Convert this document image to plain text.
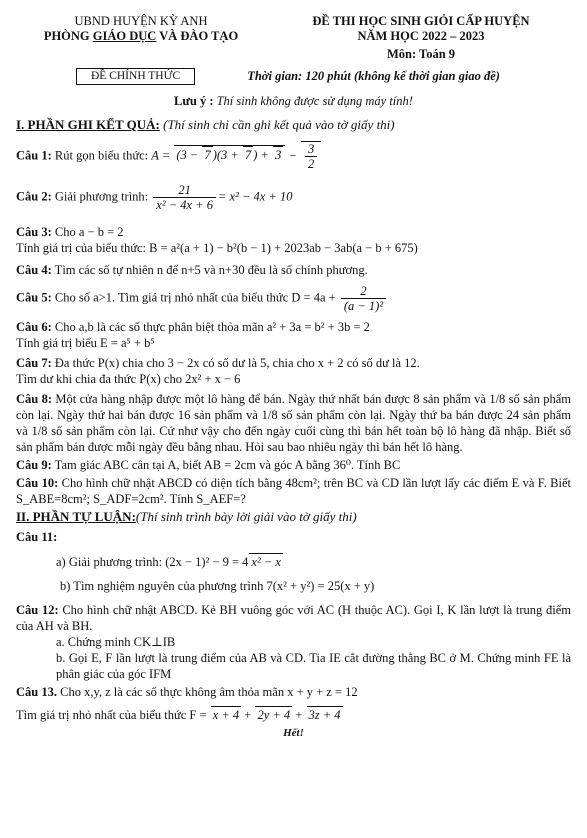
UBND HUYỆN KỲ ANH
PHÒNG GIÁO DỤC VÀ ĐÀO TẠO
ĐỀ THI HỌC SINH GIỎI CẤP HUYỆN
NĂM HỌC 2022 – 2023
Môn: Toán 9
ĐỀ CHÍNH THỨC	Thời gian: 120 phút (không kể thời gian giao đề)
Lưu ý : Thí sinh không được sử dụng máy tính!
I. PHẦN GHI KẾT QUẢ: (Thí sinh chỉ cần ghi kết quả vào tờ giấy thi)
Câu 1: Rút gọn biểu thức: A = (3 − 7 )(3 + 7 ) + $3 - \frac{3}{2}$
Câu 2: Giải phương trình: $\frac{21}{\text{x² − 4x + 6}} = x^2 - 4x + 10$
Câu 3: Cho a − b = 2
Tính giá trị của biểu thức: B = a²(a + 1) − b²(b − 1) + 2023ab − 3ab(a − b + 675)
Câu 4: Tìm các số tự nhiên n để n+5 và n+30 đều là số chính phương.
Câu 5: Cho số a>1. Tìm giá trị nhỏ nhất của biểu thức $D = 4a + \frac{2}{\text{(a − 1)²}}$
Câu 6: Cho a,b là các số thực phân biệt thỏa mãn a² + 3a = b² + 3b = 2
Tính giá trị biểu E = a⁵ + b⁵
Câu 7: Đa thức P(x) chia cho 3 − 2x có số dư là 5, chia cho x + 2 có số dư là 12.
Tìm dư khi chia đa thức P(x) cho 2x² + x − 6
Câu 8: Một cửa hàng nhập được một lô hàng để bán. Ngày thứ nhất bán được 8 sản phẩm và 1/8 số sản phẩm còn lại. Ngày thứ hai bán được 16 sản phẩm và 1/8 số sản phẩm còn lại. Ngày thứ ba bán được 24 sản phẩm và 1/8 số sản phẩm còn lại. Cứ như vậy cho đến ngày cuối cùng thì bán hết toàn bộ lô hàng đã nhập. Biết số sản phẩm bán được mỗi ngày đều bằng nhau. Hỏi sau bao nhiêu ngày thì bán hết lô hàng.
Câu 9: Tam giác ABC cân tại A, biết AB = 2cm và góc A bằng 36⁰. Tính BC
Câu 10: Cho hình chữ nhật ABCD có diện tích bằng 48cm²; trên BC và CD lần lượt lấy các điểm E và F. Biết S_ABE=8cm²; S_ADF=2cm². Tính S_AEF=?
II. PHẦN TỰ LUẬN:(Thí sinh trình bày lời giải vào tờ giấy thi)
Câu 11:
a) Giải phương trình: (2x − 1)² − 9 = 4 x² − x
b) Tìm nghiệm nguyên của phương trình 7(x² + y²) = 25(x + y)
Câu 12: Cho hình chữ nhật ABCD. Kẻ BH vuông góc với AC (H thuộc AC). Gọi I, K lần lượt là trung điểm của AH và BH.
a. Chứng minh CK⊥IB
b. Gọi E, F lần lượt là trung điểm của AB và CD. Tia IE cắt đường thẳng BC ở M. Chứng minh FE là phân giác của góc IFM
Câu 13. Cho x,y, z là các số thực không âm thỏa mãn x + y + z = 12
Tìm giá trị nhỏ nhất của biểu thức F = x + 4 + 2y + 4 + 3z + 4
Hết!
